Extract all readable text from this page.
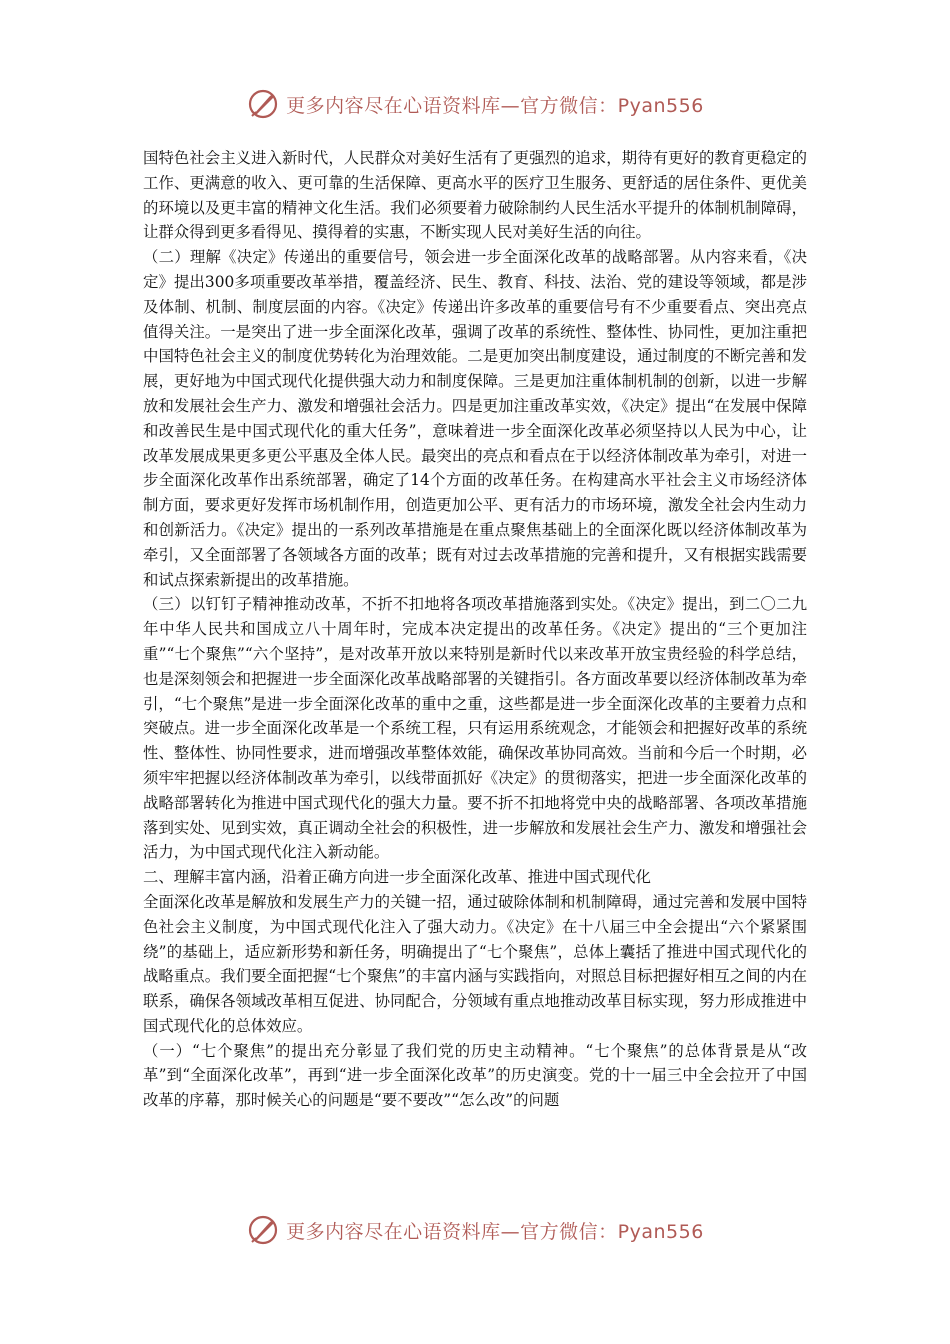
更多内容尽在心语资料库—官方微信：Pyan556

国特色社会主义进入新时代，人民群众对美好生活有了更强烈的追求，期待有更好的教育更稳定的工作、更满意的收入、更可靠的生活保障、更高水平的医疗卫生服务、更舒适的居住条件、更优美的环境以及更丰富的精神文化生活。我们必须要着力破除制约人民生活水平提升的体制机制障碍，让群众得到更多看得见、摸得着的实惠，不断实现人民对美好生活的向往。

（二）理解《决定》传递出的重要信号，领会进一步全面深化改革的战略部署。从内容来看，《决定》提出300多项重要改革举措，覆盖经济、民生、教育、科技、法治、党的建设等领域，都是涉及体制、机制、制度层面的内容。《决定》传递出许多改革的重要信号有不少重要看点、突出亮点值得关注。一是突出了进一步全面深化改革，强调了改革的系统性、整体性、协同性，更加注重把中国特色社会主义的制度优势转化为治理效能。二是更加突出制度建设，通过制度的不断完善和发展，更好地为中国式现代化提供强大动力和制度保障。三是更加注重体制机制的创新，以进一步解放和发展社会生产力、激发和增强社会活力。四是更加注重改革实效，《决定》提出“在发展中保障和改善民生是中国式现代化的重大任务”，意味着进一步全面深化改革必须坚持以人民为中心，让改革发展成果更多更公平惠及全体人民。最突出的亮点和看点在于以经济体制改革为牵引，对进一步全面深化改革作出系统部署，确定了14个方面的改革任务。在构建高水平社会主义市场经济体制方面，要求更好发挥市场机制作用，创造更加公平、更有活力的市场环境，激发全社会内生动力和创新活力。《决定》提出的一系列改革措施是在重点聚焦基础上的全面深化既以经济体制改革为牵引，又全面部署了各领域各方面的改革；既有对过去改革措施的完善和提升，又有根据实践需要和试点探索新提出的改革措施。

（三）以钉钉子精神推动改革，不折不扣地将各项改革措施落到实处。《决定》提出，到二〇二九年中华人民共和国成立八十周年时，完成本决定提出的改革任务。《决定》提出的“三个更加注重”“七个聚焦”“六个坚持”，是对改革开放以来特别是新时代以来改革开放宝贵经验的科学总结，也是深刻领会和把握进一步全面深化改革战略部署的关键指引。各方面改革要以经济体制改革为牵引，“七个聚焦”是进一步全面深化改革的重中之重，这些都是进一步全面深化改革的主要着力点和突破点。进一步全面深化改革是一个系统工程，只有运用系统观念，才能领会和把握好改革的系统性、整体性、协同性要求，进而增强改革整体效能，确保改革协同高效。当前和今后一个时期，必须牢牢把握以经济体制改革为牵引，以线带面抓好《决定》的贯彻落实，把进一步全面深化改革的战略部署转化为推进中国式现代化的强大力量。要不折不扣地将党中央的战略部署、各项改革措施落到实处、见到实效，真正调动全社会的积极性，进一步解放和发展社会生产力、激发和增强社会活力，为中国式现代化注入新动能。

二、理解丰富内涵，沿着正确方向进一步全面深化改革、推进中国式现代化

全面深化改革是解放和发展生产力的关键一招，通过破除体制和机制障碍，通过完善和发展中国特色社会主义制度，为中国式现代化注入了强大动力。《决定》在十八届三中全会提出“六个紧紧围绕”的基础上，适应新形势和新任务，明确提出了“七个聚焦”，总体上囊括了推进中国式现代化的战略重点。我们要全面把握“七个聚焦”的丰富内涵与实践指向，对照总目标把握好相互之间的内在联系，确保各领域改革相互促进、协同配合，分领域有重点地推动改革目标实现，努力形成推进中国式现代化的总体效应。

（一）“七个聚焦”的提出充分彰显了我们党的历史主动精神。“七个聚焦”的总体背景是从“改革”到“全面深化改革”，再到“进一步全面深化改革”的历史演变。党的十一届三中全会拉开了中国改革的序幕，那时候关心的问题是“要不要改”“怎么改”的问题

更多内容尽在心语资料库—官方微信：Pyan556
